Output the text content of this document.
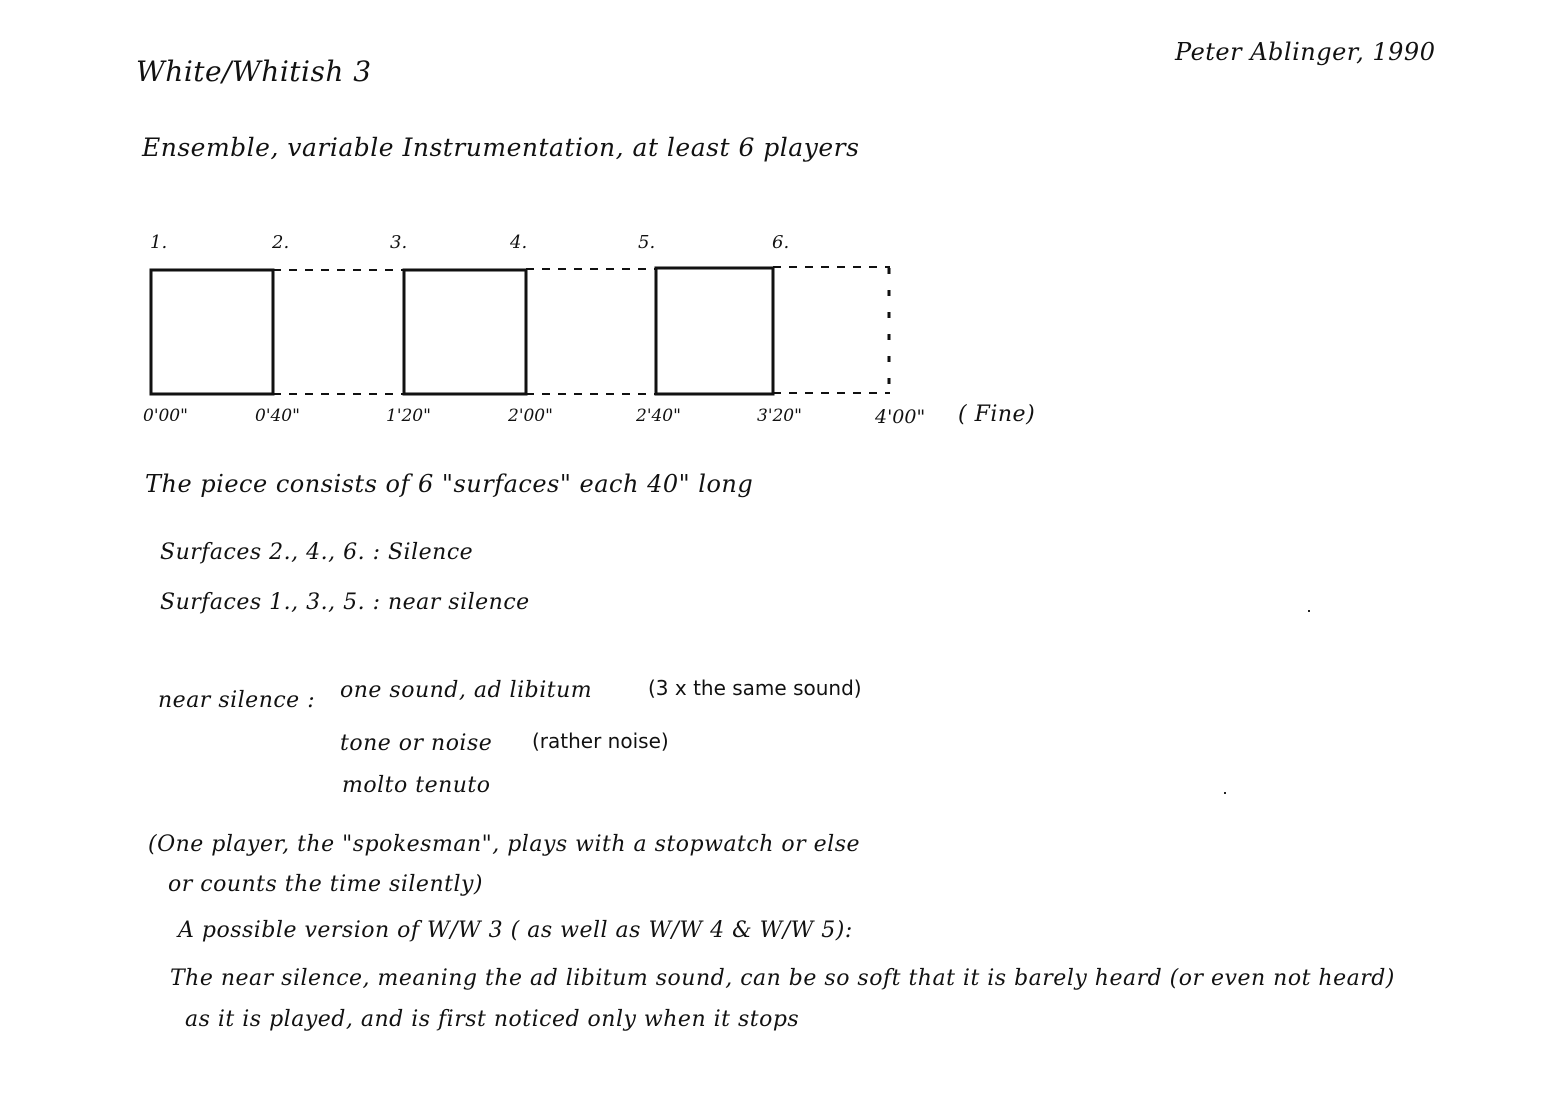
White/Whitish 3
Peter Ablinger, 1990
Ensemble, variable Instrumentation, at least 6 players
1.	2.	3.	4.	5.	6.
0'00"	0'40"	1'20"	2'00"	2'40"	3'20"	4'00" ( Fine)
The piece consists of 6 "surfaces" each 40" long
Surfaces 2., 4., 6. : Silence
Surfaces 1., 3., 5. : near silence
near silence : one sound, ad libitum	(3 x the same sound)
tone or noise (rather noise)
molto tenuto
(One player, the "spokesman", plays with a stopwatch or else
or counts the time silently)
A possible version of W/W 3 ( as well as W/W 4 & W/W 5):
The near silence, meaning the ad libitum sound, can be so soft that it is barely heard (or even not heard)
as it is played, and is first noticed only when it stops
